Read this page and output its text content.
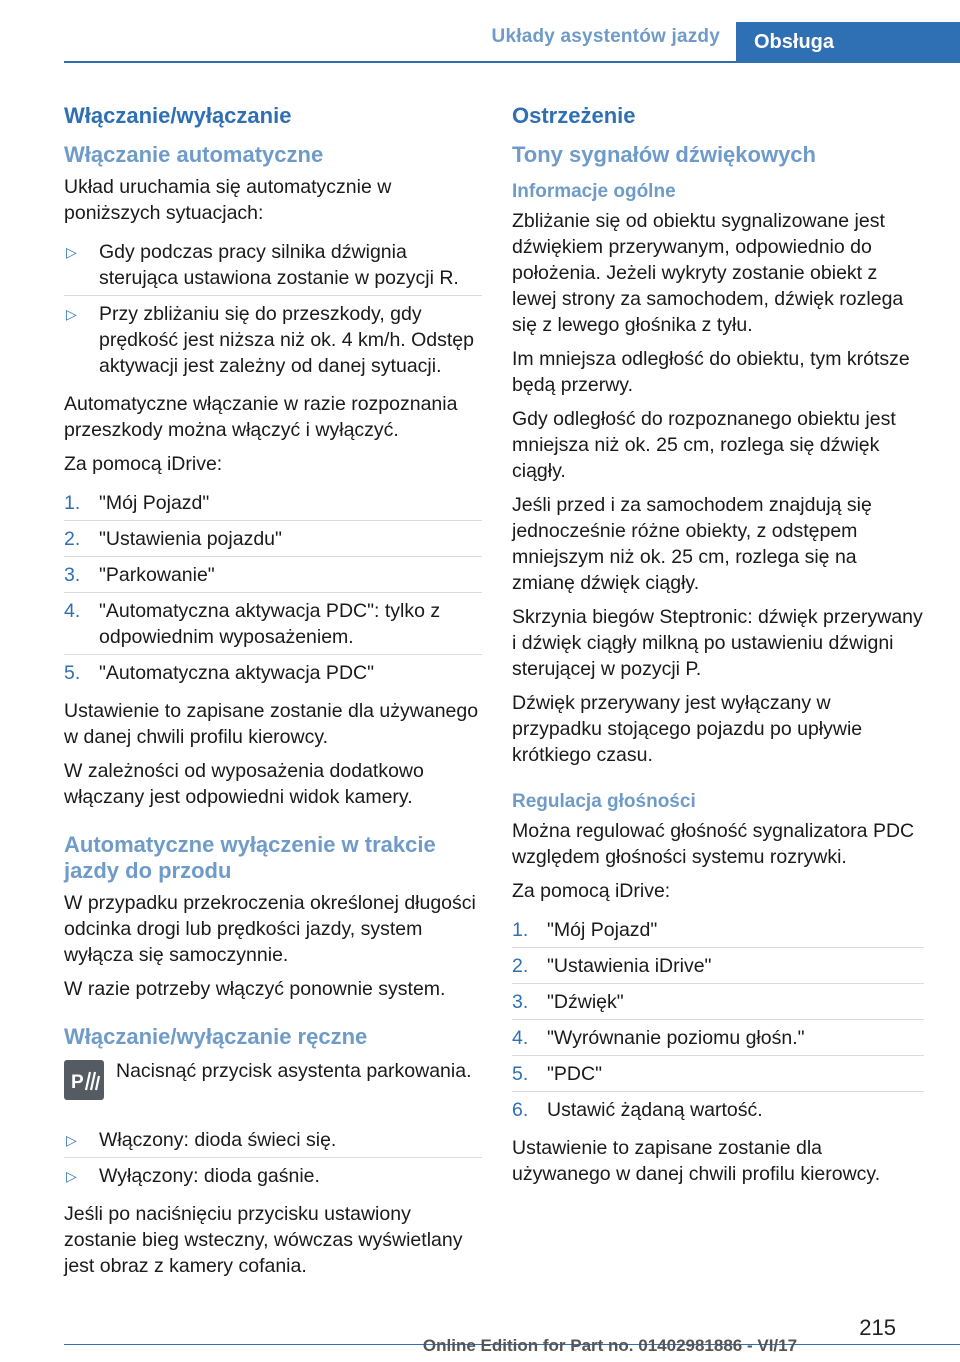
Układy asystentów jazdy	Obsługa
Włączanie/wyłączanie
Włączanie automatyczne

Układ uruchamia się automatycznie w poniższych sytuacjach:

▷ Gdy podczas pracy silnika dźwignia sterująca ustawiona zostanie w pozycji R.
▷ Przy zbliżaniu się do przeszkody, gdy prędkość jest niższa niż ok. 4 km/h. Odstęp aktywacji jest zależny od danej sytuacji.

Automatyczne włączanie w razie rozpoznania przeszkody można włączyć i wyłączyć.

Za pomocą iDrive:

1. "Mój Pojazd"
2. "Ustawienia pojazdu"
3. "Parkowanie"
4. "Automatyczna aktywacja PDC": tylko z odpowiednim wyposażeniem.
5. "Automatyczna aktywacja PDC"

Ustawienie to zapisane zostanie dla używanego w danej chwili profilu kierowcy.

W zależności od wyposażenia dodatkowo włączany jest odpowiedni widok kamery.

Automatyczne wyłączenie w trakcie jazdy do przodu

W przypadku przekroczenia określonej długości odcinka drogi lub prędkości jazdy, system wyłącza się samoczynnie.

W razie potrzeby włączyć ponownie system.

Włączanie/wyłączanie ręczne
P
Nacisnąć przycisk asystenta parkowania.
▷ Włączony: dioda świeci się.
▷ Wyłączony: dioda gaśnie.

Jeśli po naciśnięciu przycisku ustawiony zostanie bieg wsteczny, wówczas wyświetlany jest obraz z kamery cofania.

Ostrzeżenie
Tony sygnałów dźwiękowych
Informacje ogólne

Zbliżanie się od obiektu sygnalizowane jest dźwiękiem przerywanym, odpowiednio do położenia. Jeżeli wykryty zostanie obiekt z lewej strony za samochodem, dźwięk rozlega się z lewego głośnika z tyłu.

Im mniejsza odległość do obiektu, tym krótsze będą przerwy.

Gdy odległość do rozpoznanego obiektu jest mniejsza niż ok. 25 cm, rozlega się dźwięk ciągły.

Jeśli przed i za samochodem znajdują się jednocześnie różne obiekty, z odstępem mniejszym niż ok. 25 cm, rozlega się na zmianę dźwięk ciągły.

Skrzynia biegów Steptronic: dźwięk przerywany i dźwięk ciągły milkną po ustawieniu dźwigni sterującej w pozycji P.

Dźwięk przerywany jest wyłączany w przypadku stojącego pojazdu po upływie krótkiego czasu.

Regulacja głośności

Można regulować głośność sygnalizatora PDC względem głośności systemu rozrywki.

Za pomocą iDrive:

1. "Mój Pojazd"
2. "Ustawienia iDrive"
3. "Dźwięk"
4. "Wyrównanie poziomu głośn."
5. "PDC"
6. Ustawić żądaną wartość.

Ustawienie to zapisane zostanie dla używanego w danej chwili profilu kierowcy.

215
Online Edition for Part no. 01402981886 - VI/17
